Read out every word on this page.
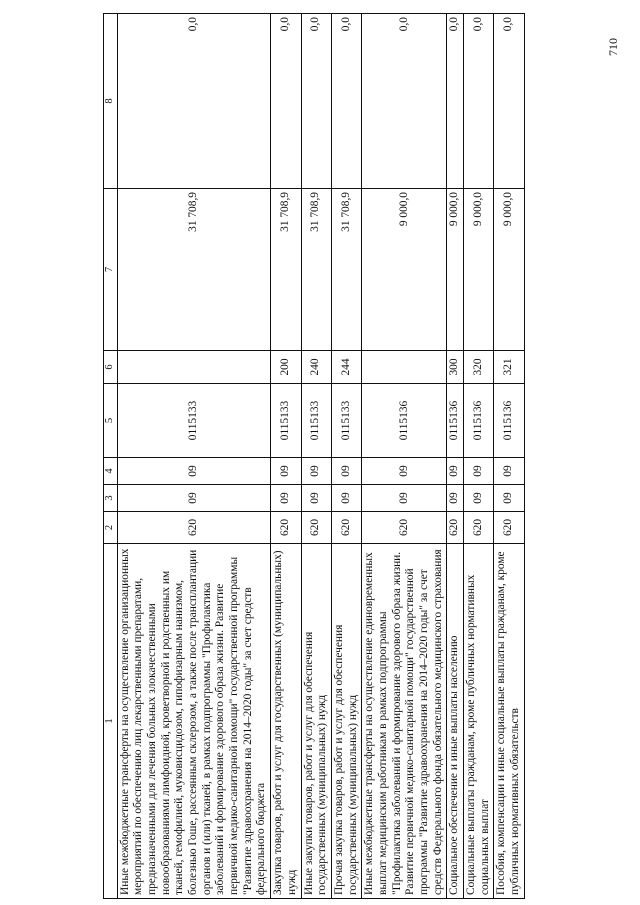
710
1	2	3	4	5	6	7	8
Иные межбюджетные трансферты на осуществление организационных мероприятий по обеспечению лиц лекарственными препаратами, предназначенными для лечения больных злокачественными новообразованиями лимфоидной, кроветворной и родственных им тканей, гемофилией, муковисцидозом, гипофизарным нанизмом, болезнью Гоше, рассеянным склерозом, а также после трансплантации органов и (или) тканей, в рамках подпрограммы "Профилактика заболеваний и формирование здорового образа жизни. Развитие первичной медико-санитарной помощи" государственной программы "Развитие здравоохранения на 2014–2020 годы" за счет средств федерального бюджета	620	09	09	0115133		31 708,9	0,0
Закупка товаров, работ и услуг для государственных (муниципальных) нужд	620	09	09	0115133	200	31 708,9	0,0
Иные закупки товаров, работ и услуг для обеспечения государственных (муниципальных) нужд	620	09	09	0115133	240	31 708,9	0,0
Прочая закупка товаров, работ и услуг для обеспечения государственных (муниципальных) нужд	620	09	09	0115133	244	31 708,9	0,0
Иные межбюджетные трансферты на осуществление единовременных выплат медицинским работникам в рамках подпрограммы "Профилактика заболеваний и формирование здорового образа жизни. Развитие первичной медико-санитарной помощи" государственной программы "Развитие здравоохранения на 2014–2020 годы" за счет средств Федерального фонда обязательного медицинского страхования	620	09	09	0115136		9 000,0	0,0
Социальное обеспечение и иные выплаты населению	620	09	09	0115136	300	9 000,0	0,0
Социальные выплаты гражданам, кроме публичных нормативных социальных выплат	620	09	09	0115136	320	9 000,0	0,0
Пособия, компенсации и иные социальные выплаты гражданам, кроме публичных нормативных обязательств	620	09	09	0115136	321	9 000,0	0,0
